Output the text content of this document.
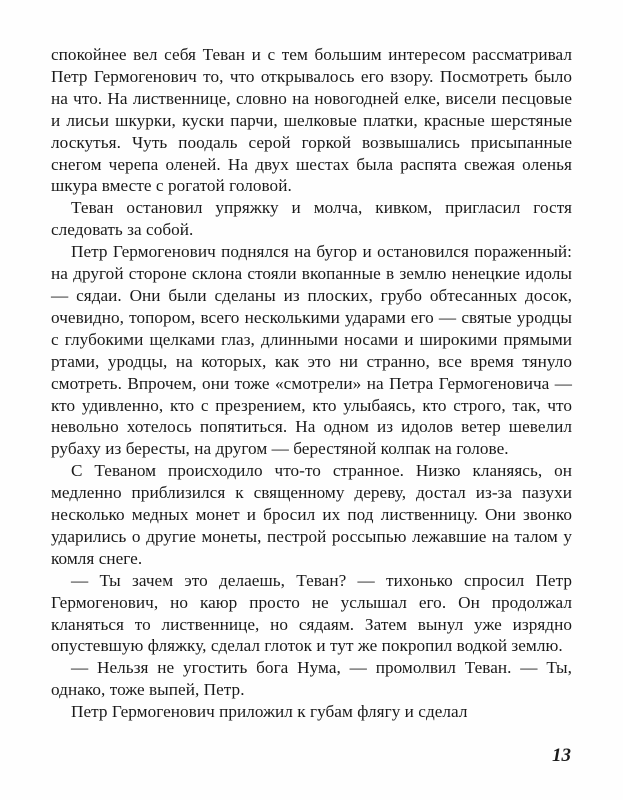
спокойнее вел себя Теван и с тем большим интересом рассматривал Петр Гермогенович то, что открывалось его взору. Посмотреть было на что. На лиственнице, словно на новогодней елке, висели песцовые и лисьи шкурки, куски парчи, шелковые платки, красные шерстяные лоскутья. Чуть поодаль серой горкой возвышались присыпанные снегом черепа оленей. На двух шестах была распята свежая оленья шкура вместе с рогатой головой.

Теван остановил упряжку и молча, кивком, пригласил гостя следовать за собой.

Петр Гермогенович поднялся на бугор и остановился пораженный: на другой стороне склона стояли вкопанные в землю ненецкие идолы — сядаи. Они были сделаны из плоских, грубо обтесанных досок, очевидно, топором, всего несколькими ударами его — святые уродцы с глубокими щелками глаз, длинными носами и широкими прямыми ртами, уродцы, на которых, как это ни странно, все время тянуло смотреть. Впрочем, они тоже «смотрели» на Петра Гермогеновича — кто удивленно, кто с презрением, кто улыбаясь, кто строго, так, что невольно хотелось попятиться. На одном из идолов ветер шевелил рубаху из бересты, на другом — берестяной колпак на голове.

С Теваном происходило что-то странное. Низко кланяясь, он медленно приблизился к священному дереву, достал из-за пазухи несколько медных монет и бросил их под лиственницу. Они звонко ударились о другие монеты, пестрой россыпью лежавшие на талом у комля снеге.

— Ты зачем это делаешь, Теван? — тихонько спросил Петр Гермогенович, но каюр просто не услышал его. Он продолжал кланяться то лиственнице, но сядаям. Затем вынул уже изрядно опустевшую фляжку, сделал глоток и тут же покропил водкой землю.

— Нельзя не угостить бога Нума, — промолвил Теван. — Ты, однако, тоже выпей, Петр.

Петр Гермогенович приложил к губам флягу и сделал

13
